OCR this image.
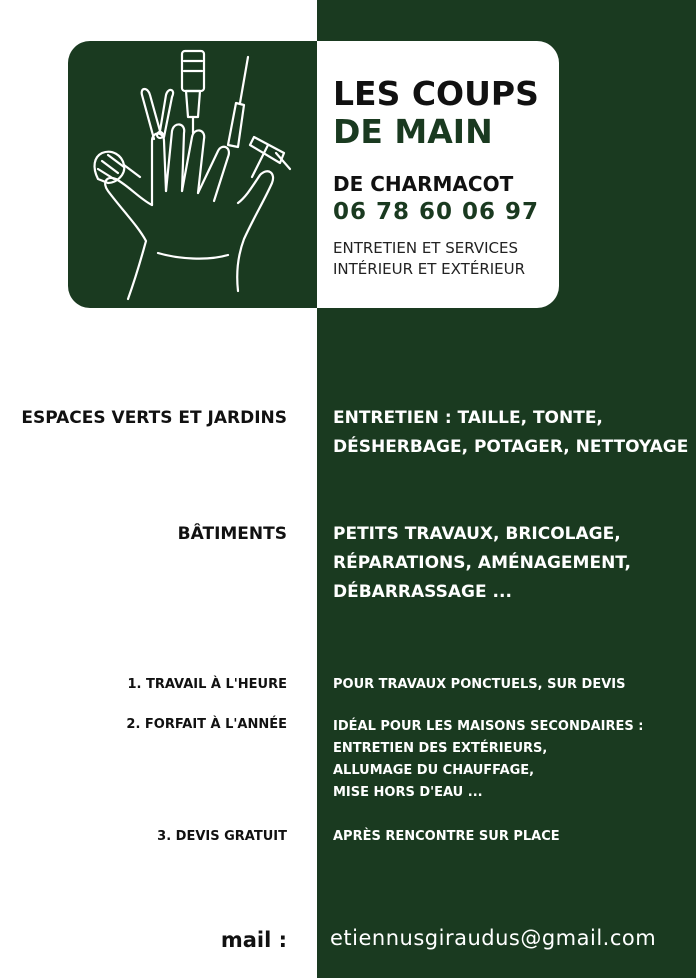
LES COUPS
DE MAIN
DE CHARMACOT
06 78 60 06 97
ENTRETIEN ET SERVICES
INTÉRIEUR ET EXTÉRIEUR
ESPACES VERTS ET JARDINS	ENTRETIEN : TAILLE, TONTE,
DÉSHERBAGE, POTAGER, NETTOYAGE
BÂTIMENTS	PETITS TRAVAUX, BRICOLAGE,
RÉPARATIONS, AMÉNAGEMENT,
DÉBARRASSAGE ...
1. TRAVAIL À L'HEURE	POUR TRAVAUX PONCTUELS, SUR DEVIS
2. FORFAIT À L'ANNÉE	IDÉAL POUR LES MAISONS SECONDAIRES :
ENTRETIEN DES EXTÉRIEURS,
ALLUMAGE DU CHAUFFAGE,
MISE HORS D'EAU ...
3. DEVIS GRATUIT	APRÈS RENCONTRE SUR PLACE
mail : etiennusgiraudus@gmail.com
